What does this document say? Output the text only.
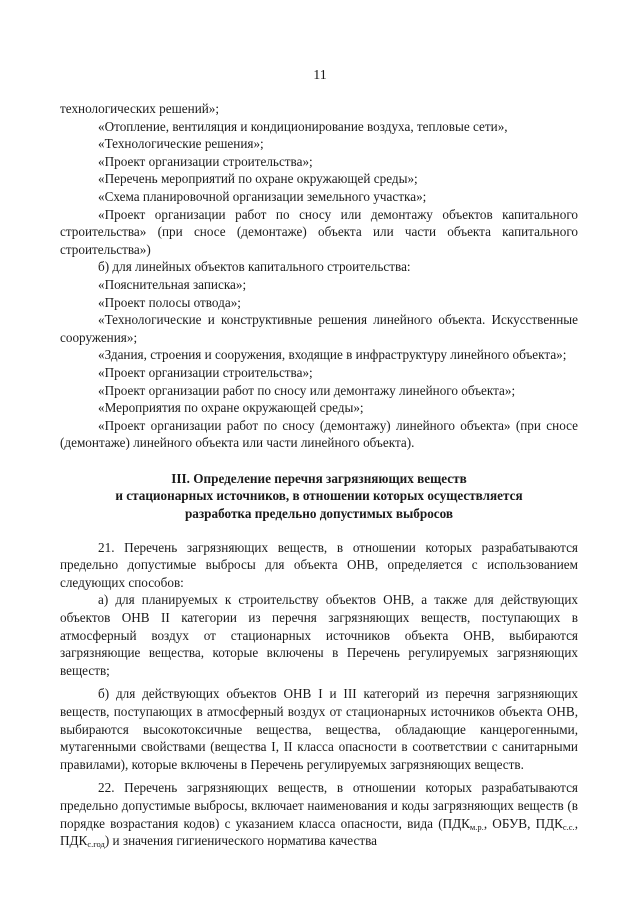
11

технологических решений»;

«Отопление, вентиляция и кондиционирование воздуха, тепловые сети»,

«Технологические решения»;

«Проект организации строительства»;

«Перечень мероприятий по охране окружающей среды»;

«Схема планировочной организации земельного участка»;

«Проект организации работ по сносу или демонтажу объектов капитального строительства» (при сносе (демонтаже) объекта или части объекта капитального строительства»)

б) для линейных объектов капитального строительства:

«Пояснительная записка»;

«Проект полосы отвода»;

«Технологические и конструктивные решения линейного объекта. Искусственные сооружения»;

«Здания, строения и сооружения, входящие в инфраструктуру линейного объекта»;

«Проект организации строительства»;

«Проект организации работ по сносу или демонтажу линейного объекта»;

«Мероприятия по охране окружающей среды»;

«Проект организации работ по сносу (демонтажу) линейного объекта» (при сносе (демонтаже) линейного объекта или части линейного объекта).

III. Определение перечня загрязняющих веществ
и стационарных источников, в отношении которых осуществляется
разработка предельно допустимых выбросов

21. Перечень загрязняющих веществ, в отношении которых разрабатываются предельно допустимые выбросы для объекта ОНВ, определяется с использованием следующих способов:

а) для планируемых к строительству объектов ОНВ, а также для действующих объектов ОНВ II категории из перечня загрязняющих веществ, поступающих в атмосферный воздух от стационарных источников объекта ОНВ, выбираются загрязняющие вещества, которые включены в Перечень регулируемых загрязняющих веществ;

б) для действующих объектов ОНВ I и III категорий из перечня загрязняющих веществ, поступающих в атмосферный воздух от стационарных источников объекта ОНВ, выбираются высокотоксичные вещества, вещества, обладающие канцерогенными, мутагенными свойствами (вещества I, II класса опасности в соответствии с санитарными правилами), которые включены в Перечень регулируемых загрязняющих веществ.

22. Перечень загрязняющих веществ, в отношении которых разрабатываются предельно допустимые выбросы, включает наименования и коды загрязняющих веществ (в порядке возрастания кодов) с указанием класса опасности, вида ($ПДК_{м.р.}$, ОБУВ, $ПДК_{с.с.}$, $ПДК_{с.год}$) и значения гигиенического норматива качества
